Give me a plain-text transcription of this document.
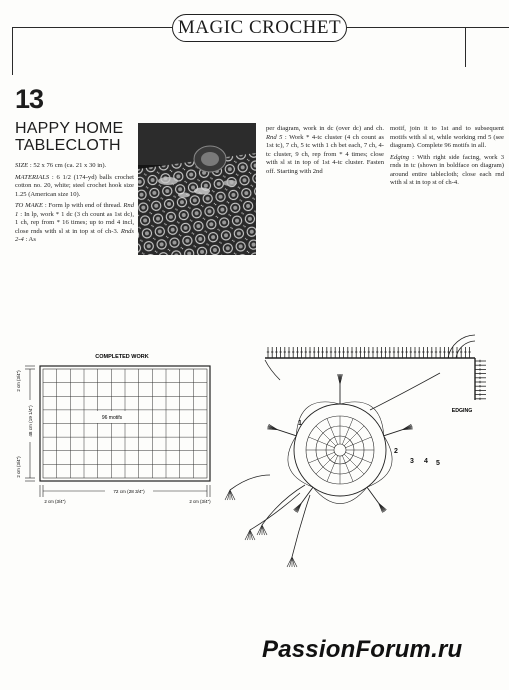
MAGIC CROCHET
13
HAPPY HOME TABLECLOTH

SIZE : 52 x 76 cm (ca. 21 x 30 in).

MATERIALS : 6 1/2 (174-yd) balls crochet cotton no. 20, white; steel crochet hook size 1.25 (American size 10).

TO MAKE : Form lp with end of thread. Rnd 1 : In lp, work * 1 dc (3 ch count as 1st dc), 1 ch, rep from * 16 times; up to rnd 4 incl, close rnds with sl st in top st of ch-3. Rnds 2-4 : As

per diagram, work in dc (over dc) and ch. Rnd 5 : Work * 4-tc cluster (4 ch count as 1st tc), 7 ch, 5 tc with 1 ch bet each, 7 ch, 4-tc cluster, 9 ch, rep from * 4 times; close with sl st in top of 1st 4-tc cluster. Fasten off. Starting with 2nd

motif, join it to 1st and to subsequent motifs with sl st, while working rnd 5 (see diagram). Complete 96 motifs in all.

Edging : With right side facing, work 3 rnds in tc (shown in boldface on diagram) around entire tablecloth; close each rnd with sl st in top st of ch-4.

COMPLETED WORK
96 motifs
72 cm (28 3/4")
2 cm (3/4")	2 cm (3/4")
48 cm (19 1/4")
2 cm (3/4")
2 cm (3/4")
EDGING
1
2
3 4 5
PassionForum.ru
